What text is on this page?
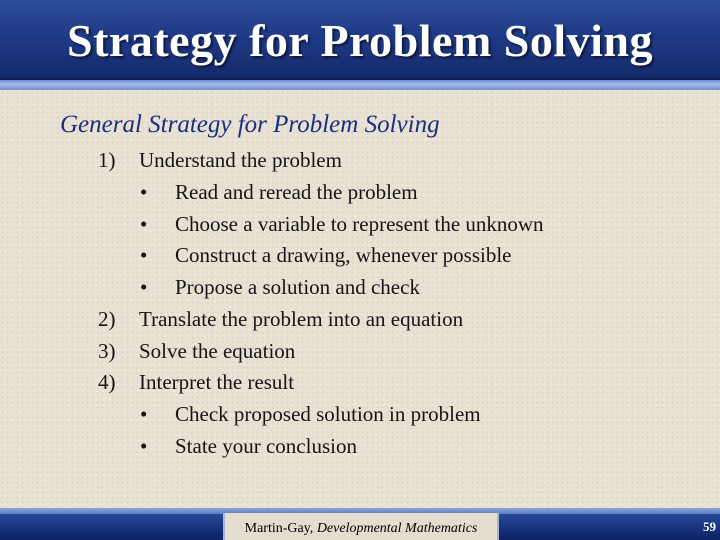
Strategy for Problem Solving
General Strategy for Problem Solving
1) Understand the problem
• Read and reread the problem
• Choose a variable to represent the unknown
• Construct a drawing, whenever possible
• Propose a solution and check
2) Translate the problem into an equation
3) Solve the equation
4) Interpret the result
• Check proposed solution in problem
• State your conclusion
Martin-Gay, Developmental Mathematics	59
